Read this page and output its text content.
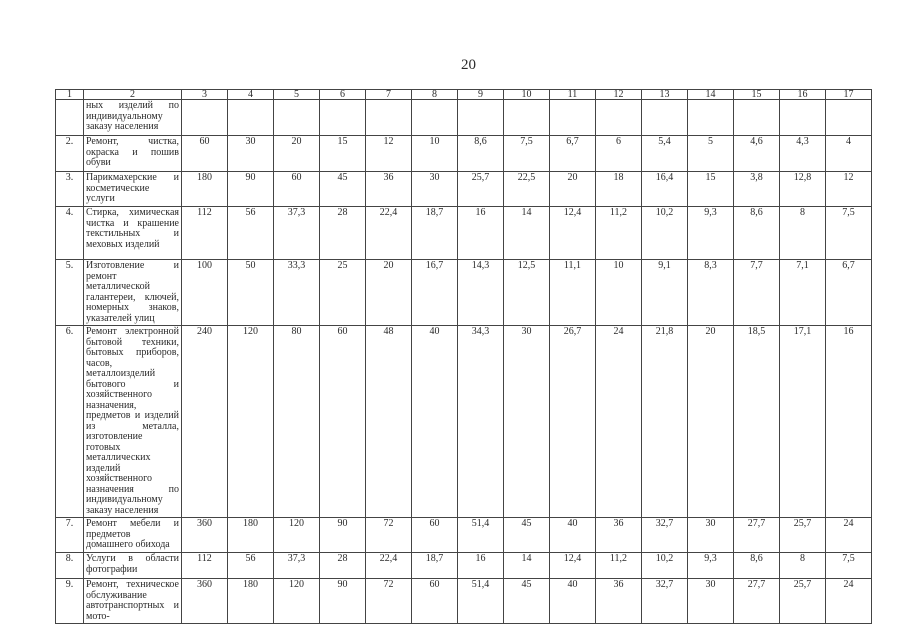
20
1	2	3	4	5	6	7	8	9	10	11	12	13	14	15	16	17
	ных изделий по индивидуальному заказу населения															
2.	Ремонт, чистка, окраска и пошив обуви	60	30	20	15	12	10	8,6	7,5	6,7	6	5,4	5	4,6	4,3	4
3.	Парикмахерские и косметические услуги	180	90	60	45	36	30	25,7	22,5	20	18	16,4	15	3,8	12,8	12
4.	Стирка, химическая чистка и крашение текстильных и меховых изделий	112	56	37,3	28	22,4	18,7	16	14	12,4	11,2	10,2	9,3	8,6	8	7,5
5.	Изготовление и ремонт металлической галантереи, ключей, номерных знаков, указателей улиц	100	50	33,3	25	20	16,7	14,3	12,5	11,1	10	9,1	8,3	7,7	7,1	6,7
6.	Ремонт электронной бытовой техники, бытовых приборов, часов, металлоизделий бытового и хозяйственного назначения, предметов и изделий из металла, изготовление готовых металлических изделий хозяйственного назначения по индивидуальному заказу населения	240	120	80	60	48	40	34,3	30	26,7	24	21,8	20	18,5	17,1	16
7.	Ремонт мебели и предметов домашнего обихода	360	180	120	90	72	60	51,4	45	40	36	32,7	30	27,7	25,7	24
8.	Услуги в области фотографии	112	56	37,3	28	22,4	18,7	16	14	12,4	11,2	10,2	9,3	8,6	8	7,5
9.	Ремонт, техническое обслуживание автотранспортных и мото-	360	180	120	90	72	60	51,4	45	40	36	32,7	30	27,7	25,7	24
